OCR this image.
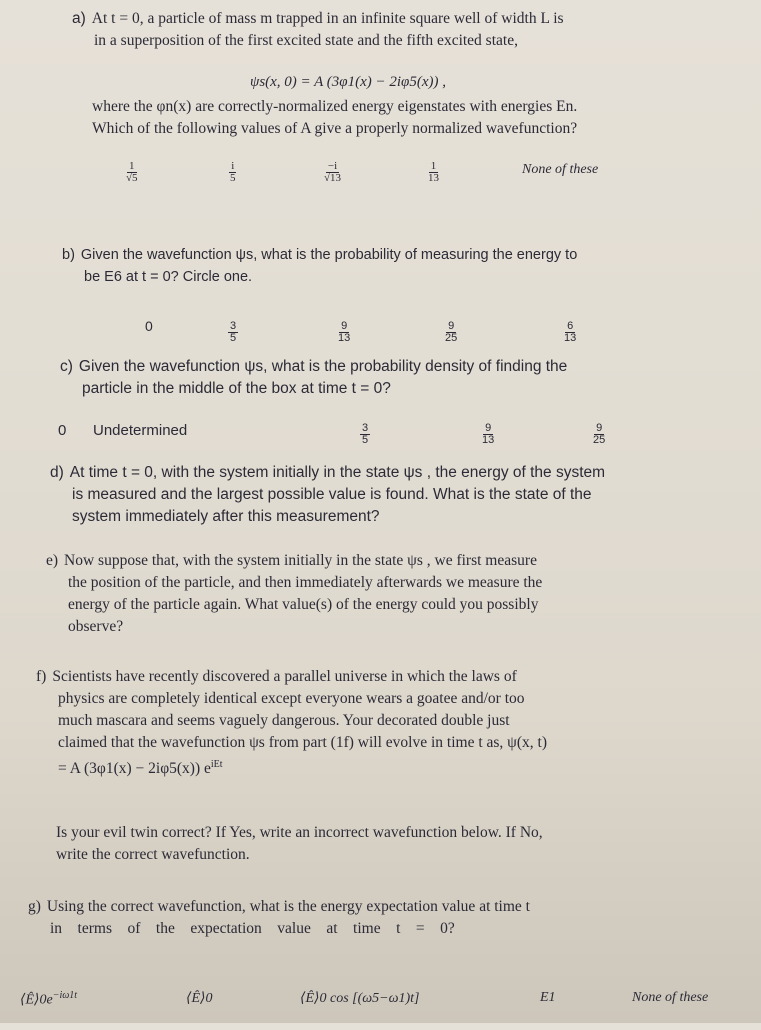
a) At t = 0, a particle of mass m trapped in an infinite square well of width L is
in a superposition of the first excited state and the fifth excited state,
ψs(x, 0) = A (3φ1(x) − 2iφ5(x)) ,
where the φn(x) are correctly-normalized energy eigenstates with energies En.
Which of the following values of A give a properly normalized wavefunction?
$\frac{1}{√5}$	$\frac{i}{5}$	$\frac{-i}{√13}$	$\frac{1}{13}$	None of these
b) Given the wavefunction ψs, what is the probability of measuring the energy to
be E6 at t = 0? Circle one.
0	$\frac{3}{5}$	$\frac{9}{13}$	$\frac{9}{25}$	$\frac{6}{13}$
c) Given the wavefunction ψs, what is the probability density of finding the
particle in the middle of the box at time t = 0?
0 Undetermined	$\frac{3}{5}$	$\frac{9}{13}$	$\frac{9}{25}$
d) At time t = 0, with the system initially in the state ψs , the energy of the system
is measured and the largest possible value is found. What is the state of the
system immediately after this measurement?
e) Now suppose that, with the system initially in the state ψs , we first measure
the position of the particle, and then immediately afterwards we measure the
energy of the particle again. What value(s) of the energy could you possibly
observe?
f) Scientists have recently discovered a parallel universe in which the laws of
physics are completely identical except everyone wears a goatee and/or too
much mascara and seems vaguely dangerous. Your decorated double just
claimed that the wavefunction ψs from part (1f) will evolve in time t as, ψ(x, t)
= A (3φ1(x) − 2iφ5(x)) $e^{iEt}$
Is your evil twin correct? If Yes, write an incorrect wavefunction below. If No,
write the correct wavefunction.
g) Using the correct wavefunction, what is the energy expectation value at time t
in    terms    of    the    expectation    value    at    time    t    =    0?
$⟨Ê⟩0e^{-i\omega 1t}$	⟨Ê⟩0	⟨Ê⟩0 cos [(ω5−ω1)t]	E1	None of these
